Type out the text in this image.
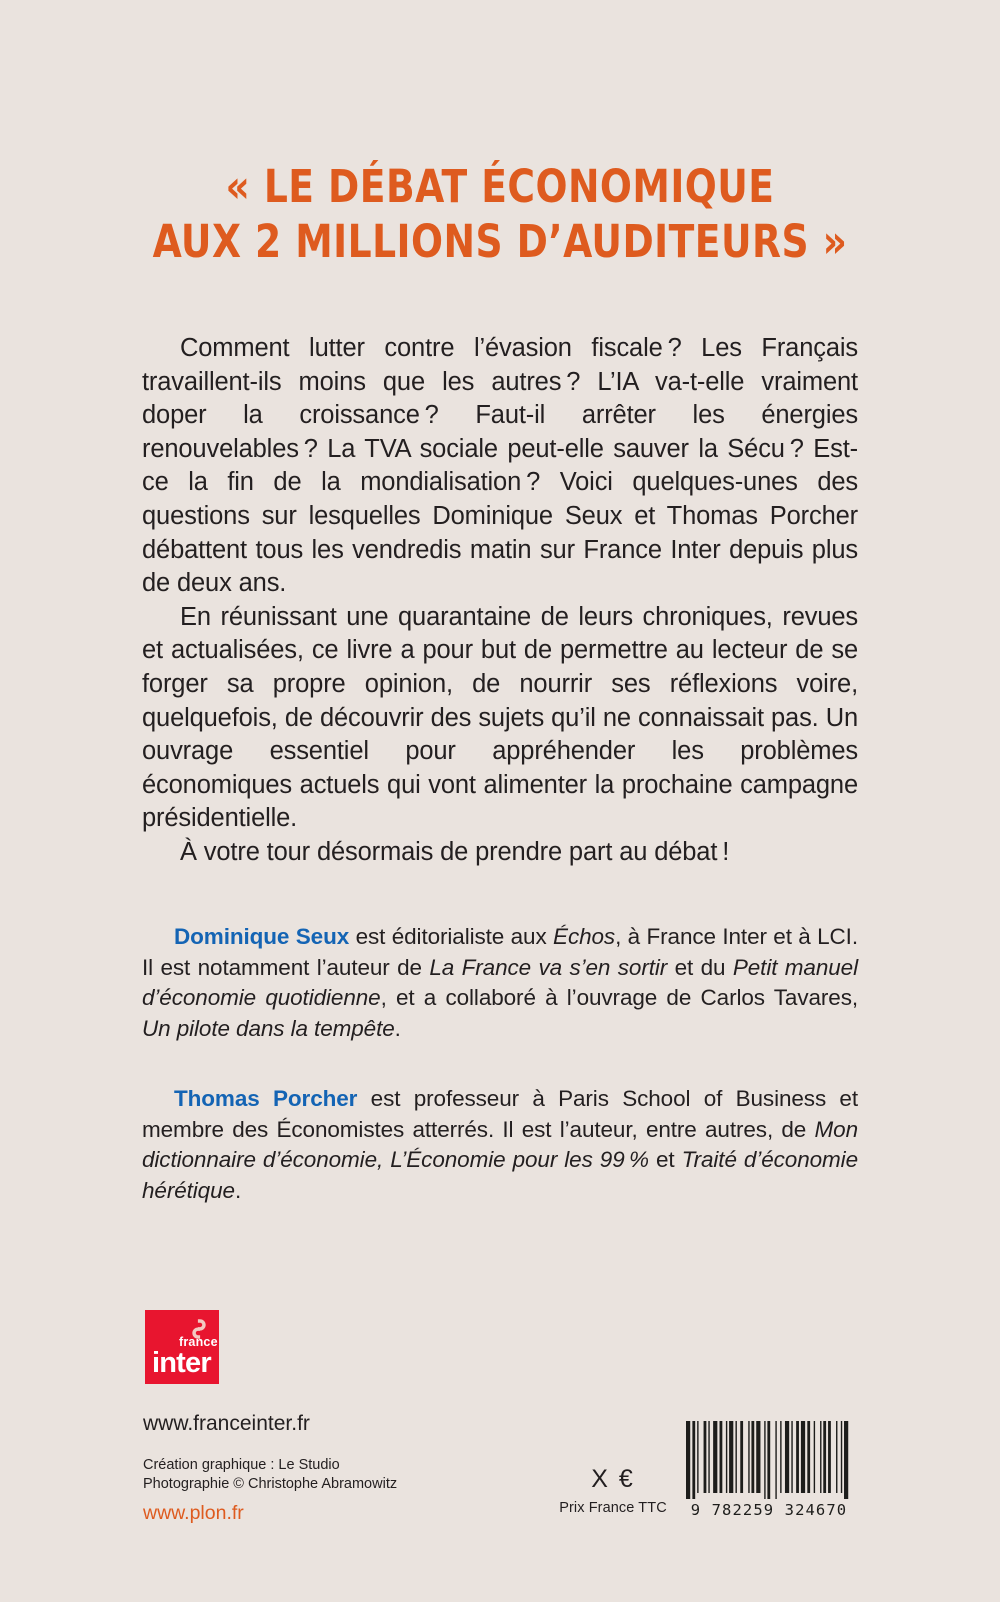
« LE DÉBAT ÉCONOMIQUE
AUX 2 MILLIONS D’AUDITEURS »

Comment lutter contre l’évasion fiscale ? Les Français travaillent-ils moins que les autres ? L’IA va-t-elle vraiment doper la croissance ? Faut-il arrêter les énergies renouvelables ? La TVA sociale peut-elle sauver la Sécu ? Est-ce la fin de la mondialisation ? Voici quelques-unes des questions sur lesquelles Dominique Seux et Thomas Porcher débattent tous les vendredis matin sur France Inter depuis plus de deux ans.

En réunissant une quarantaine de leurs chroniques, revues et actualisées, ce livre a pour but de permettre au lecteur de se forger sa propre opinion, de nourrir ses réflexions voire, quelquefois, de découvrir des sujets qu’il ne connaissait pas. Un ouvrage essentiel pour appréhender les problèmes économiques actuels qui vont alimenter la prochaine campagne présidentielle.

À votre tour désormais de prendre part au débat !

Dominique Seux est éditorialiste aux Échos, à France Inter et à LCI. Il est notamment l’auteur de La France va s’en sortir et du Petit manuel d’économie quotidienne, et a collaboré à l’ouvrage de Carlos Tavares, Un pilote dans la tempête.

Thomas Porcher est professeur à Paris School of Business et membre des Économistes atterrés. Il est l’auteur, entre autres, de Mon dictionnaire d’économie, L’Économie pour les 99 % et Traité d’économie hérétique.

france
inter
www.franceinter.fr
Création graphique : Le Studio
Photographie © Christophe Abramowitz
www.plon.fr
X €
Prix France TTC	9 782259 324670
